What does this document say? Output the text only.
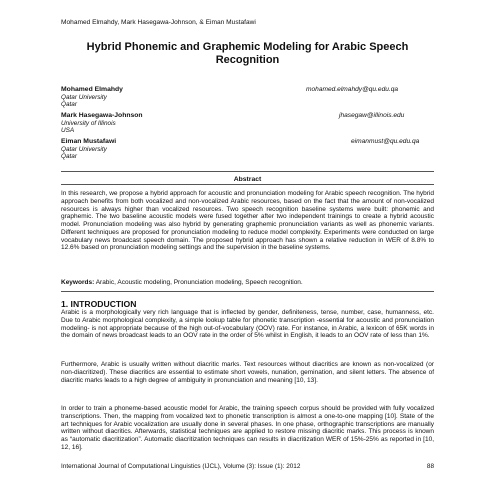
Mohamed Elmahdy, Mark Hasegawa-Johnson, & Eiman Mustafawi
Hybrid Phonemic and Graphemic Modeling for Arabic Speech Recognition
Mohamed Elmahdy
Qatar University
Qatar
mohamed.elmahdy@qu.edu.qa
Mark Hasegawa-Johnson
University of Illinois
USA
jhasegaw@illinois.edu
Eiman Mustafawi
Qatar University
Qatar
eimanmust@qu.edu.qa
Abstract

In this research, we propose a hybrid approach for acoustic and pronunciation modeling for Arabic speech recognition. The hybrid approach benefits from both vocalized and non-vocalized Arabic resources, based on the fact that the amount of non-vocalized resources is always higher than vocalized resources. Two speech recognition baseline systems were built: phonemic and graphemic. The two baseline acoustic models were fused together after two independent trainings to create a hybrid acoustic model. Pronunciation modeling was also hybrid by generating graphemic pronunciation variants as well as phonemic variants. Different techniques are proposed for pronunciation modeling to reduce model complexity. Experiments were conducted on large vocabulary news broadcast speech domain. The proposed hybrid approach has shown a relative reduction in WER of 8.8% to 12.6% based on pronunciation modeling settings and the supervision in the baseline systems.

Keywords: Arabic, Acoustic modeling, Pronunciation modeling, Speech recognition.

1. INTRODUCTION

Arabic is a morphologically very rich language that is inflected by gender, definiteness, tense, number, case, humanness, etc. Due to Arabic morphological complexity, a simple lookup table for phonetic transcription -essential for acoustic and pronunciation modeling- is not appropriate because of the high out-of-vocabulary (OOV) rate. For instance, in Arabic, a lexicon of 65K words in the domain of news broadcast leads to an OOV rate in the order of 5% whilst in English, it leads to an OOV rate of less than 1%.

Furthermore, Arabic is usually written without diacritic marks. Text resources without diacritics are known as non-vocalized (or non-diacritized). These diacritics are essential to estimate short vowels, nunation, gemination, and silent letters. The absence of diacritic marks leads to a high degree of ambiguity in pronunciation and meaning [10, 13].

In order to train a phoneme-based acoustic model for Arabic, the training speech corpus should be provided with fully vocalized transcriptions. Then, the mapping from vocalized text to phonetic transcription is almost a one-to-one mapping [10]. State of the art techniques for Arabic vocalization are usually done in several phases. In one phase, orthographic transcriptions are manually written without diacritics. Afterwards, statistical techniques are applied to restore missing diacritic marks. This process is known as “automatic diacritization”. Automatic diacritization techniques can results in diacritization WER of 15%-25% as reported in [10, 12, 16].

International Journal of Computational Linguistics (IJCL), Volume (3): Issue (1): 2012	88
